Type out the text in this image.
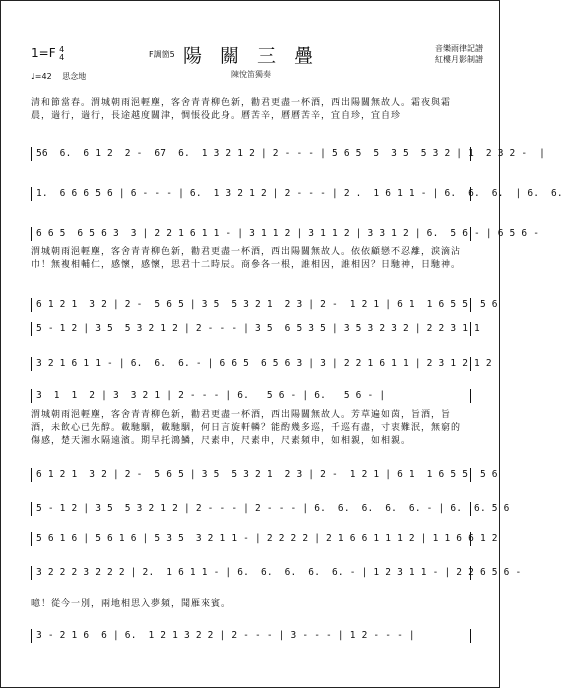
1=F 4
4	F調箇5
♩=42 思念地
陽 關 三 疊
陳悅笛獨奏
音樂雨律記譜
紅樓月影制譜
清和節當春。渭城朝雨浥輕塵，客舍青青柳色新，勸君更盡一杯酒，西出陽關無故人。霜夜與霜晨，遄行，遄行，長途越度關津，惆悵役此身。曆苦辛，曆曆苦辛，宜自珍，宜自珍
56  6.  6 1 2  2 -  67  6.  1 3 2 1 2 | 2 - - - | 5 6 5  5  3 5  5 3 2 | 1  2 3 2 -  |
1.  6 6 6 5 6 | 6 - - - | 6.  1 3 2 1 2 | 2 - - - | 2 .  1 6 1 1 - | 6.  6.  6.  | 6.  6.
6 6 5  6 5 6 3  3 | 2 2 1 6 1 1 - | 3 1 1 2 | 3 1 1 2 | 3 3 1 2 | 6.  5 6 - | 6 5 6 -
渭城朝雨浥輕塵，客舍青青柳色新，勸君更盡一杯酒，西出陽關無故人。依依顧戀不忍離，淚滴沾巾！無複相輔仁，感懷，感懷，思君十二時辰。商參各一根，誰相因，誰相因？日馳神，日馳神。
6 1 2 1  3 2 | 2 -  5 6 5 | 3 5  5 3 2 1  2 3 | 2 -  1 2 1 | 6 1  1 6 5 5  5 6
5 - 1 2 | 3 5  5 3 2 1 2 | 2 - - - | 3 5  6 5 3 5 | 3 5 3 2 3 2 | 2 2 3 1 1
3 2 1 6 1 1 - | 6.  6.  6. - | 6 6 5  6 5 6 3 | 3 | 2 2 1 6 1 1 | 2 3 1 2 1 2
3  1  1  2 | 3  3 2 1 | 2 - - - | 6.   5 6 - | 6.   5 6 - |
渭城朝雨浥輕塵，客舍青青柳色新，勸君更盡一杯酒，西出陽關無故人。芳草遍如茵，旨酒，旨酒，未飲心已先醇。載馳駰，載馳駰，何日言旋軒轔？能酌幾多巡，千巡有盡，寸衷難泯，無窮的傷感，楚天湘水隔遠濱。期早托鴻鱗，尺素申，尺素申，尺素頻申，如相親，如相親。
6 1 2 1  3 2 | 2 -  5 6 5 | 3 5  5 3 2 1  2 3 | 2 -  1 2 1 | 6 1  1 6 5 5  5 6
5 - 1 2 | 3 5  5 3 2 1 2 | 2 - - - | 2 - - - | 6.  6.  6.  6.  6. - | 6.  6. 5 6
5 6 1 6 | 5 6 1 6 | 5 3 5  3 2 1 1 - | 2 2 2 2 | 2 1 6 6 1 1 1 2 | 1 1 6 6 1 2
3 2 2 2 3 2 2 2 | 2.  1 6 1 1 - | 6.  6.  6.  6.  6. - | 1 2 3 1 1 - | 2 2 6 5 6 -
噫！從今一別，兩地相思入夢頻，聞雁來賓。
3 - 2 1 6  6 | 6.  1 2 1 3 2 2 | 2 - - - | 3 - - - | 1 2 - - - |
